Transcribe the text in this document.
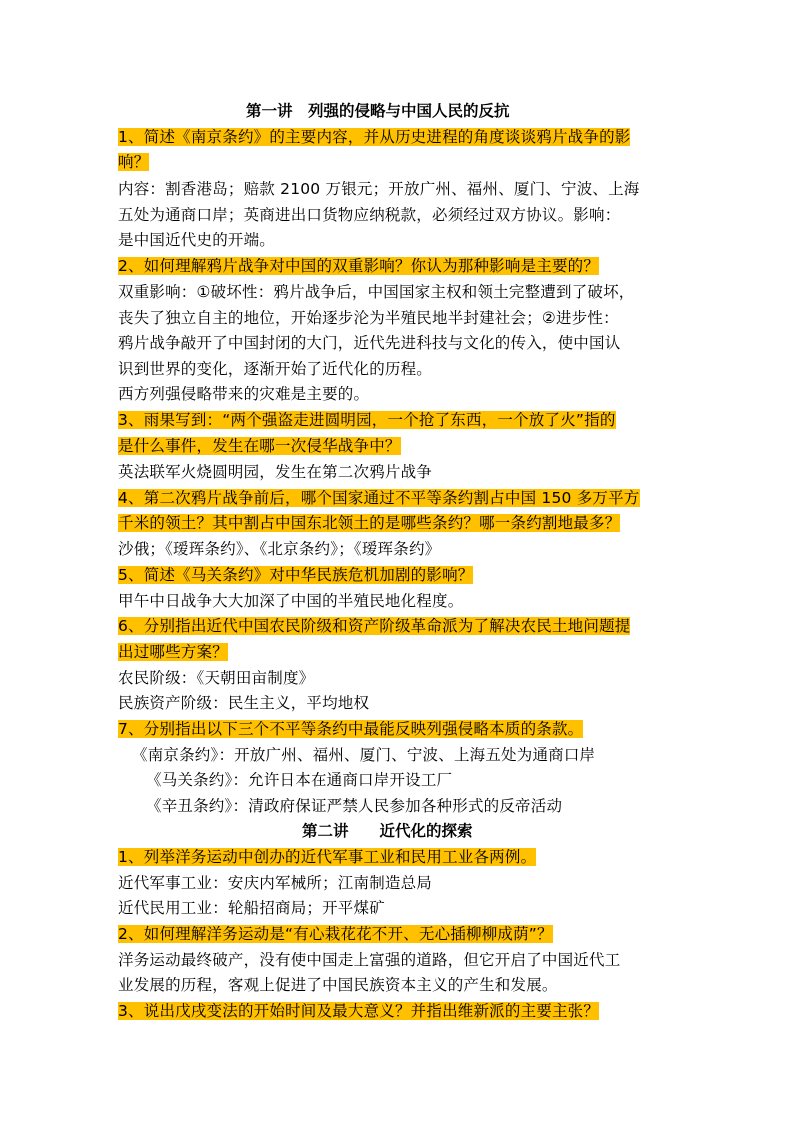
第一讲　列强的侵略与中国人民的反抗
1、简述《南京条约》的主要内容，并从历史进程的角度谈谈鸦片战争的影
响？
内容：割香港岛；赔款 2100 万银元；开放广州、福州、厦门、宁波、上海
五处为通商口岸；英商进出口货物应纳税款，必须经过双方协议。影响：
是中国近代史的开端。
2、如何理解鸦片战争对中国的双重影响？你认为那种影响是主要的？
双重影响：①破坏性：鸦片战争后，中国国家主权和领土完整遭到了破坏，
丧失了独立自主的地位，开始逐步沦为半殖民地半封建社会；②进步性：
鸦片战争敲开了中国封闭的大门，近代先进科技与文化的传入，使中国认
识到世界的变化，逐渐开始了近代化的历程。
西方列强侵略带来的灾难是主要的。
3、雨果写到：“两个强盗走进圆明园，一个抢了东西，一个放了火”指的
是什么事件，发生在哪一次侵华战争中？
英法联军火烧圆明园，发生在第二次鸦片战争
4、第二次鸦片战争前后，哪个国家通过不平等条约割占中国 150 多万平方
千米的领土？其中割占中国东北领土的是哪些条约？哪一条约割地最多？
沙俄；《瑷珲条约》、《北京条约》；《瑷珲条约》
5、简述《马关条约》对中华民族危机加剧的影响？
甲午中日战争大大加深了中国的半殖民地化程度。
6、分别指出近代中国农民阶级和资产阶级革命派为了解决农民土地问题提
出过哪些方案？
农民阶级：《天朝田亩制度》
民族资产阶级：民生主义，平均地权
7、分别指出以下三个不平等条约中最能反映列强侵略本质的条款。
《南京条约》：开放广州、福州、厦门、宁波、上海五处为通商口岸
《马关条约》：允许日本在通商口岸开设工厂
《辛丑条约》：清政府保证严禁人民参加各种形式的反帝活动
第二讲　　近代化的探索
1、列举洋务运动中创办的近代军事工业和民用工业各两例。
近代军事工业：安庆内军械所；江南制造总局
近代民用工业：轮船招商局；开平煤矿
2、如何理解洋务运动是“有心栽花花不开、无心插柳柳成荫”？
洋务运动最终破产，没有使中国走上富强的道路，但它开启了中国近代工
业发展的历程，客观上促进了中国民族资本主义的产生和发展。
3、说出戊戌变法的开始时间及最大意义？并指出维新派的主要主张？
